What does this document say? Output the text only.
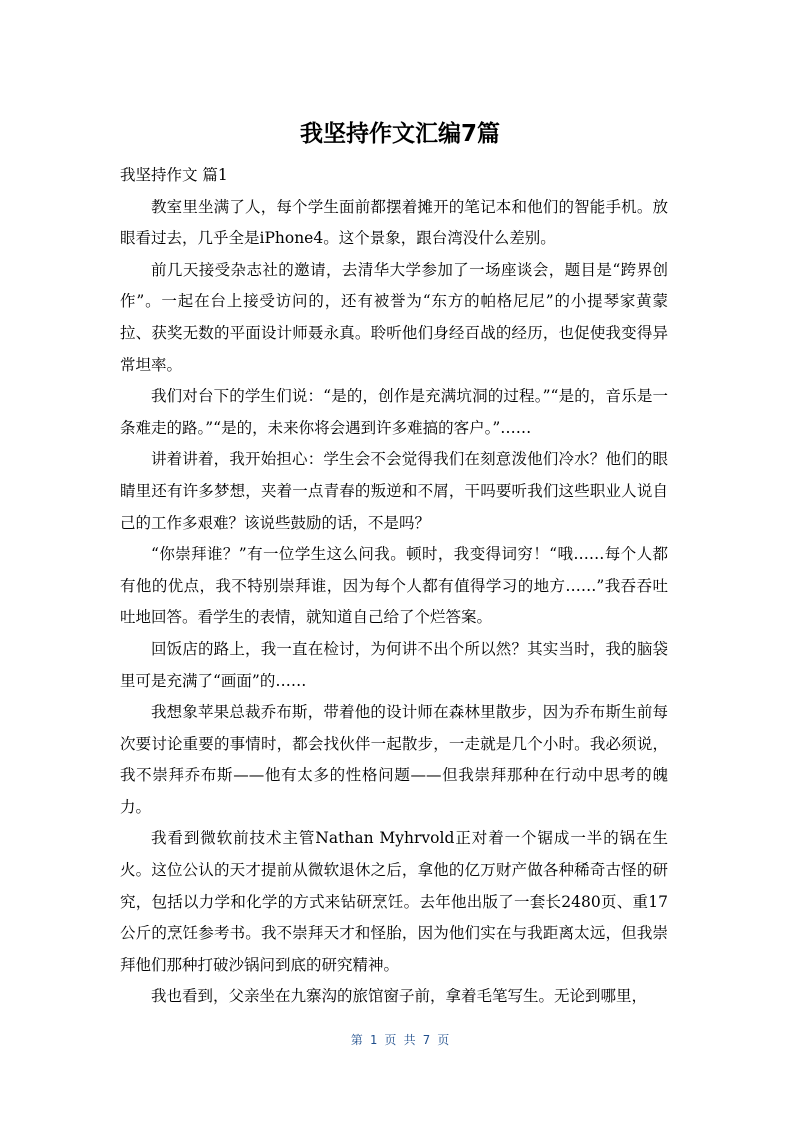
我坚持作文汇编7篇

我坚持作文 篇1

教室里坐满了人，每个学生面前都摆着摊开的笔记本和他们的智能手机。放眼看过去，几乎全是iPhone4。这个景象，跟台湾没什么差别。

前几天接受杂志社的邀请，去清华大学参加了一场座谈会，题目是“跨界创作”。一起在台上接受访问的，还有被誉为“东方的帕格尼尼”的小提琴家黄蒙拉、获奖无数的平面设计师聂永真。聆听他们身经百战的经历，也促使我变得异常坦率。

我们对台下的学生们说：“是的，创作是充满坑洞的过程。”“是的，音乐是一条难走的路。”“是的，未来你将会遇到许多难搞的客户。”……

讲着讲着，我开始担心：学生会不会觉得我们在刻意泼他们冷水？他们的眼睛里还有许多梦想，夹着一点青春的叛逆和不屑，干吗要听我们这些职业人说自己的工作多艰难？该说些鼓励的话，不是吗？

“你崇拜谁？”有一位学生这么问我。顿时，我变得词穷！“哦……每个人都有他的优点，我不特别崇拜谁，因为每个人都有值得学习的地方……”我吞吞吐吐地回答。看学生的表情，就知道自己给了个烂答案。

回饭店的路上，我一直在检讨，为何讲不出个所以然？其实当时，我的脑袋里可是充满了“画面”的……

我想象苹果总裁乔布斯，带着他的设计师在森林里散步，因为乔布斯生前每次要讨论重要的事情时，都会找伙伴一起散步，一走就是几个小时。我必须说，我不崇拜乔布斯——他有太多的性格问题——但我崇拜那种在行动中思考的魄力。

我看到微软前技术主管Nathan Myhrvold正对着一个锯成一半的锅在生火。这位公认的天才提前从微软退休之后，拿他的亿万财产做各种稀奇古怪的研究，包括以力学和化学的方式来钻研烹饪。去年他出版了一套长2480页、重17公斤的烹饪参考书。我不崇拜天才和怪胎，因为他们实在与我距离太远，但我崇拜他们那种打破沙锅问到底的研究精神。

我也看到，父亲坐在九寨沟的旅馆窗子前，拿着毛笔写生。无论到哪里，

第 1 页 共 7 页
